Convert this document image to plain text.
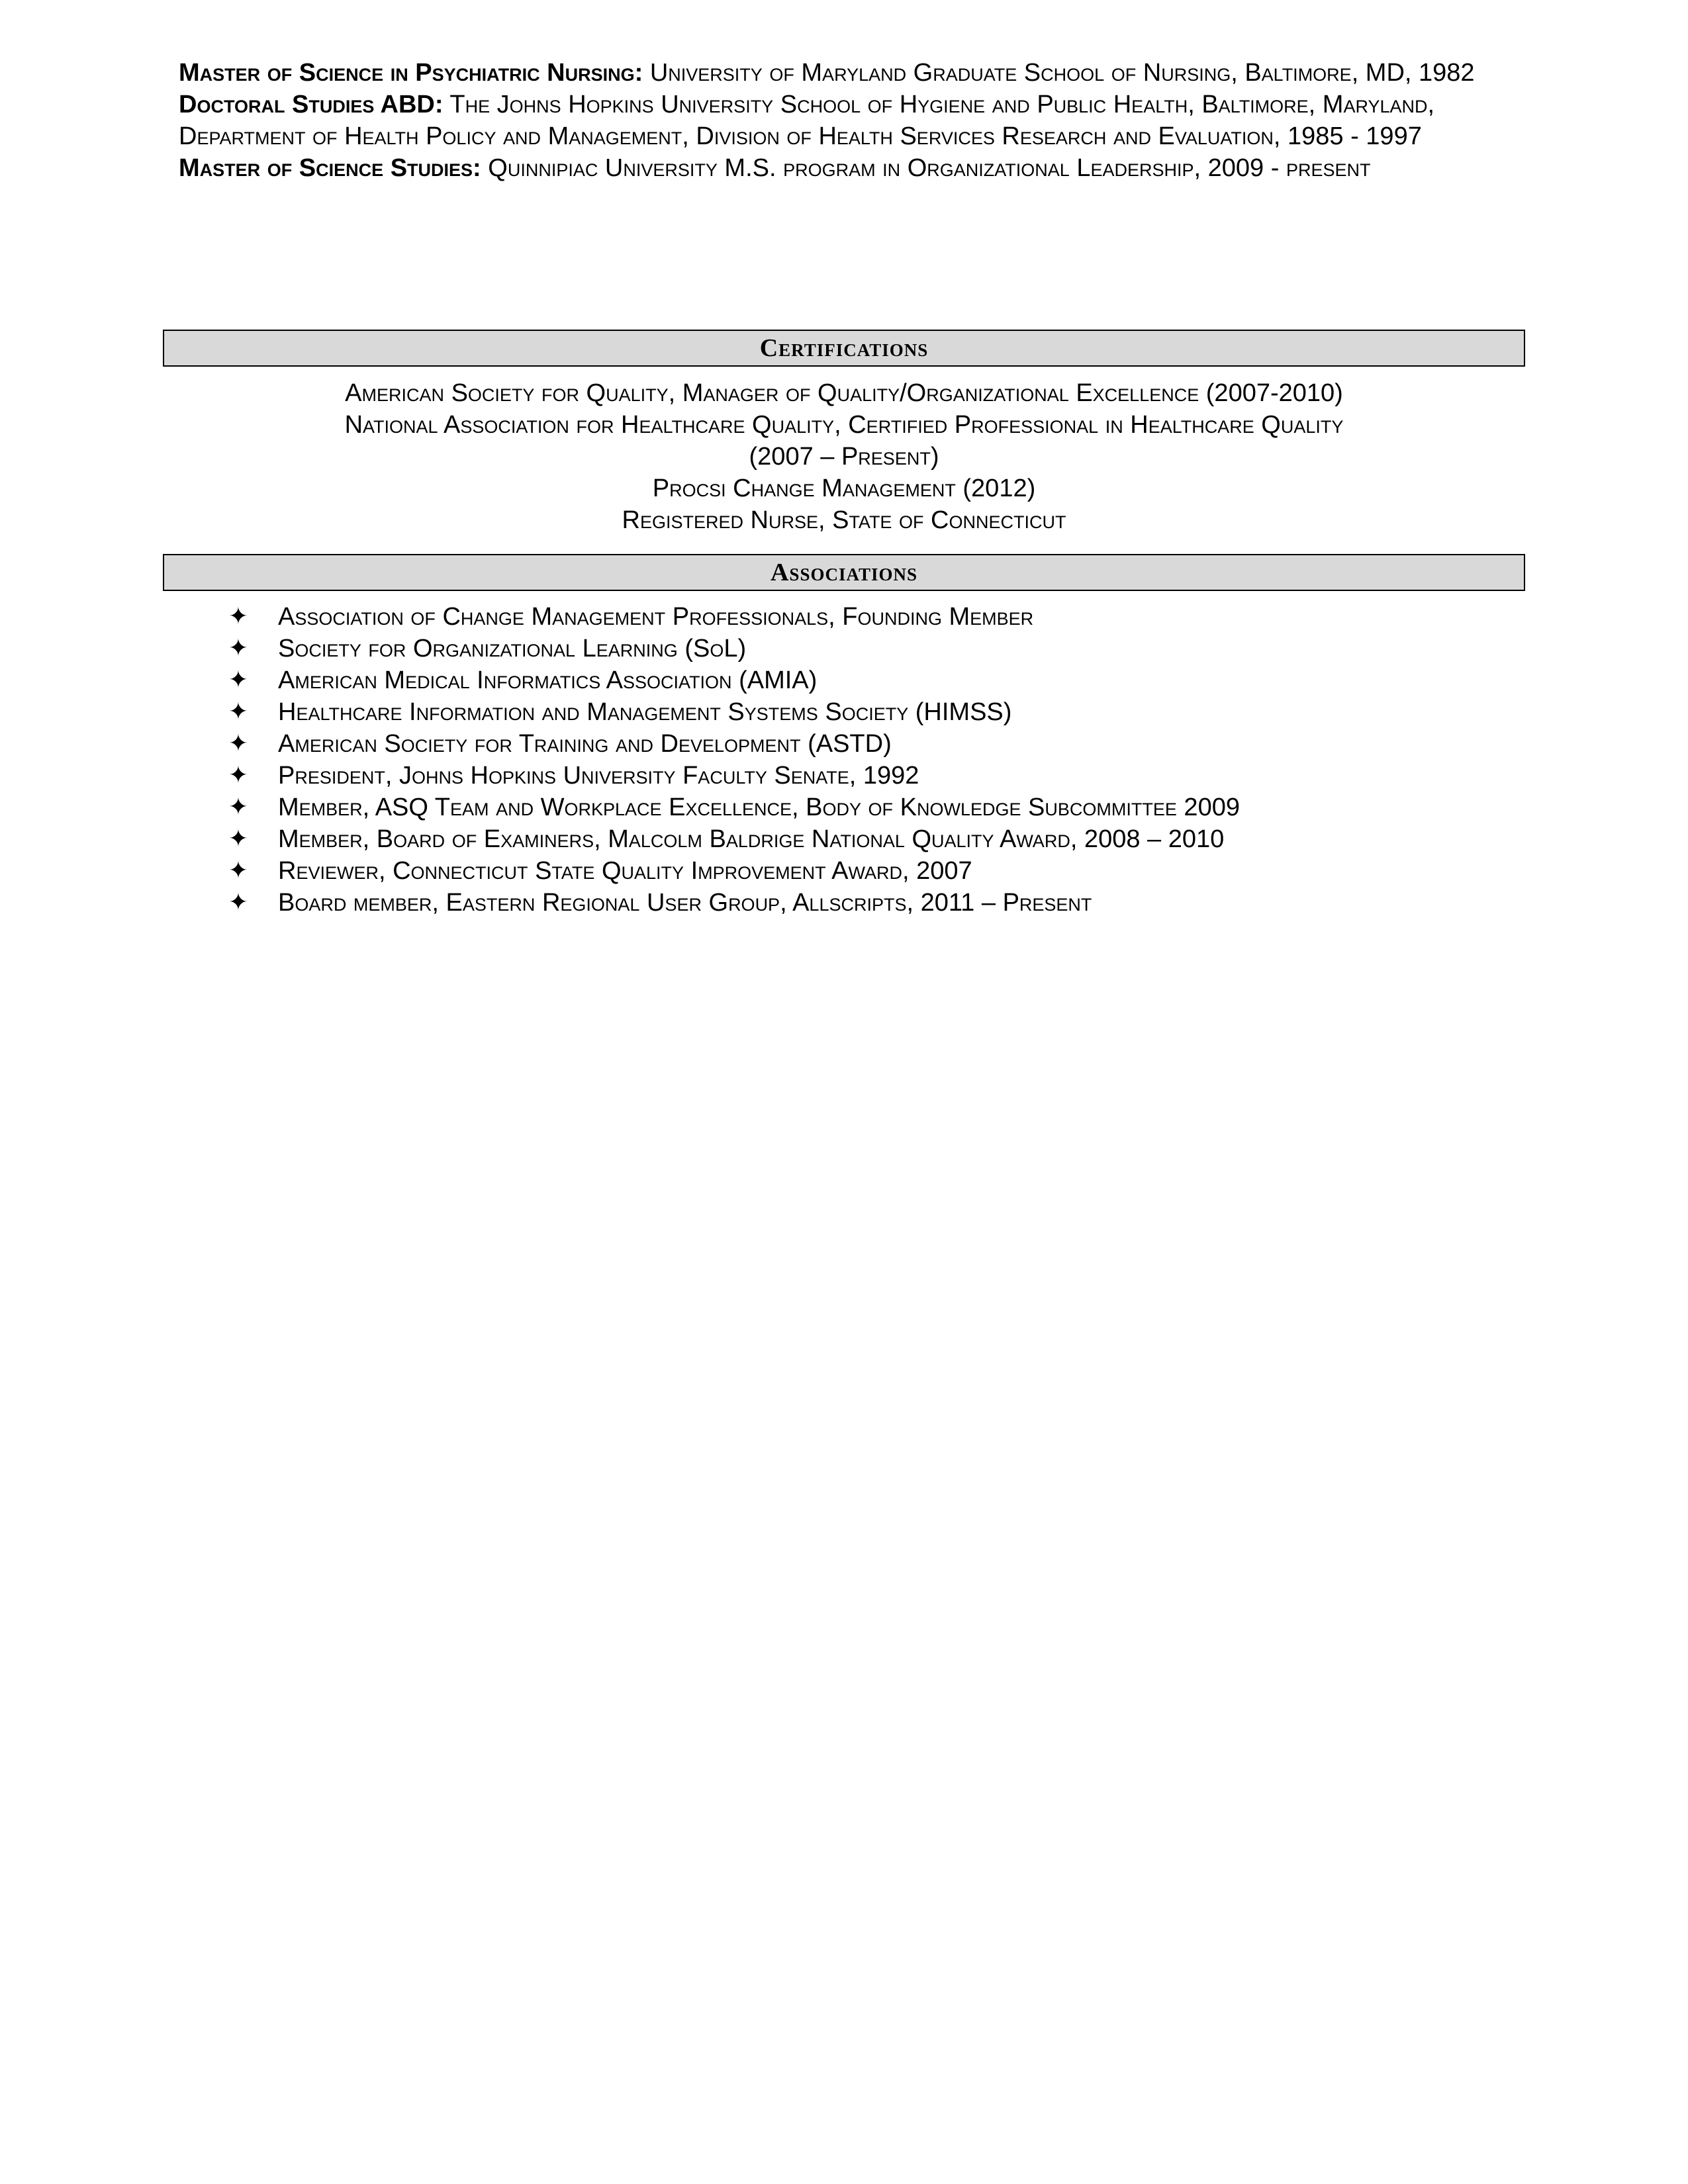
Master of Science in Psychiatric Nursing: University of Maryland Graduate School of Nursing, Baltimore, MD, 1982

Doctoral Studies ABD: The Johns Hopkins University School of Hygiene and Public Health, Baltimore, Maryland, Department of Health Policy and Management, Division of Health Services Research and Evaluation, 1985 - 1997

Master of Science Studies: Quinnipiac University M.S. program in Organizational Leadership, 2009 - present

Certifications

American Society for Quality, Manager of Quality/Organizational Excellence (2007-2010)

National Association for Healthcare Quality, Certified Professional in Healthcare Quality

(2007 – Present)

Procsi Change Management (2012)

Registered Nurse, State of Connecticut

Associations
✦ Association of Change Management Professionals, Founding Member
✦ Society for Organizational Learning (SoL)
✦ American Medical Informatics Association (AMIA)
✦ Healthcare Information and Management Systems Society (HIMSS)
✦ American Society for Training and Development (ASTD)
✦ President, Johns Hopkins University Faculty Senate, 1992
✦ Member, ASQ Team and Workplace Excellence, Body of Knowledge Subcommittee 2009
✦ Member, Board of Examiners, Malcolm Baldrige National Quality Award, 2008 – 2010
✦ Reviewer, Connecticut State Quality Improvement Award, 2007
✦ Board member, Eastern Regional User Group, Allscripts, 2011 – Present
